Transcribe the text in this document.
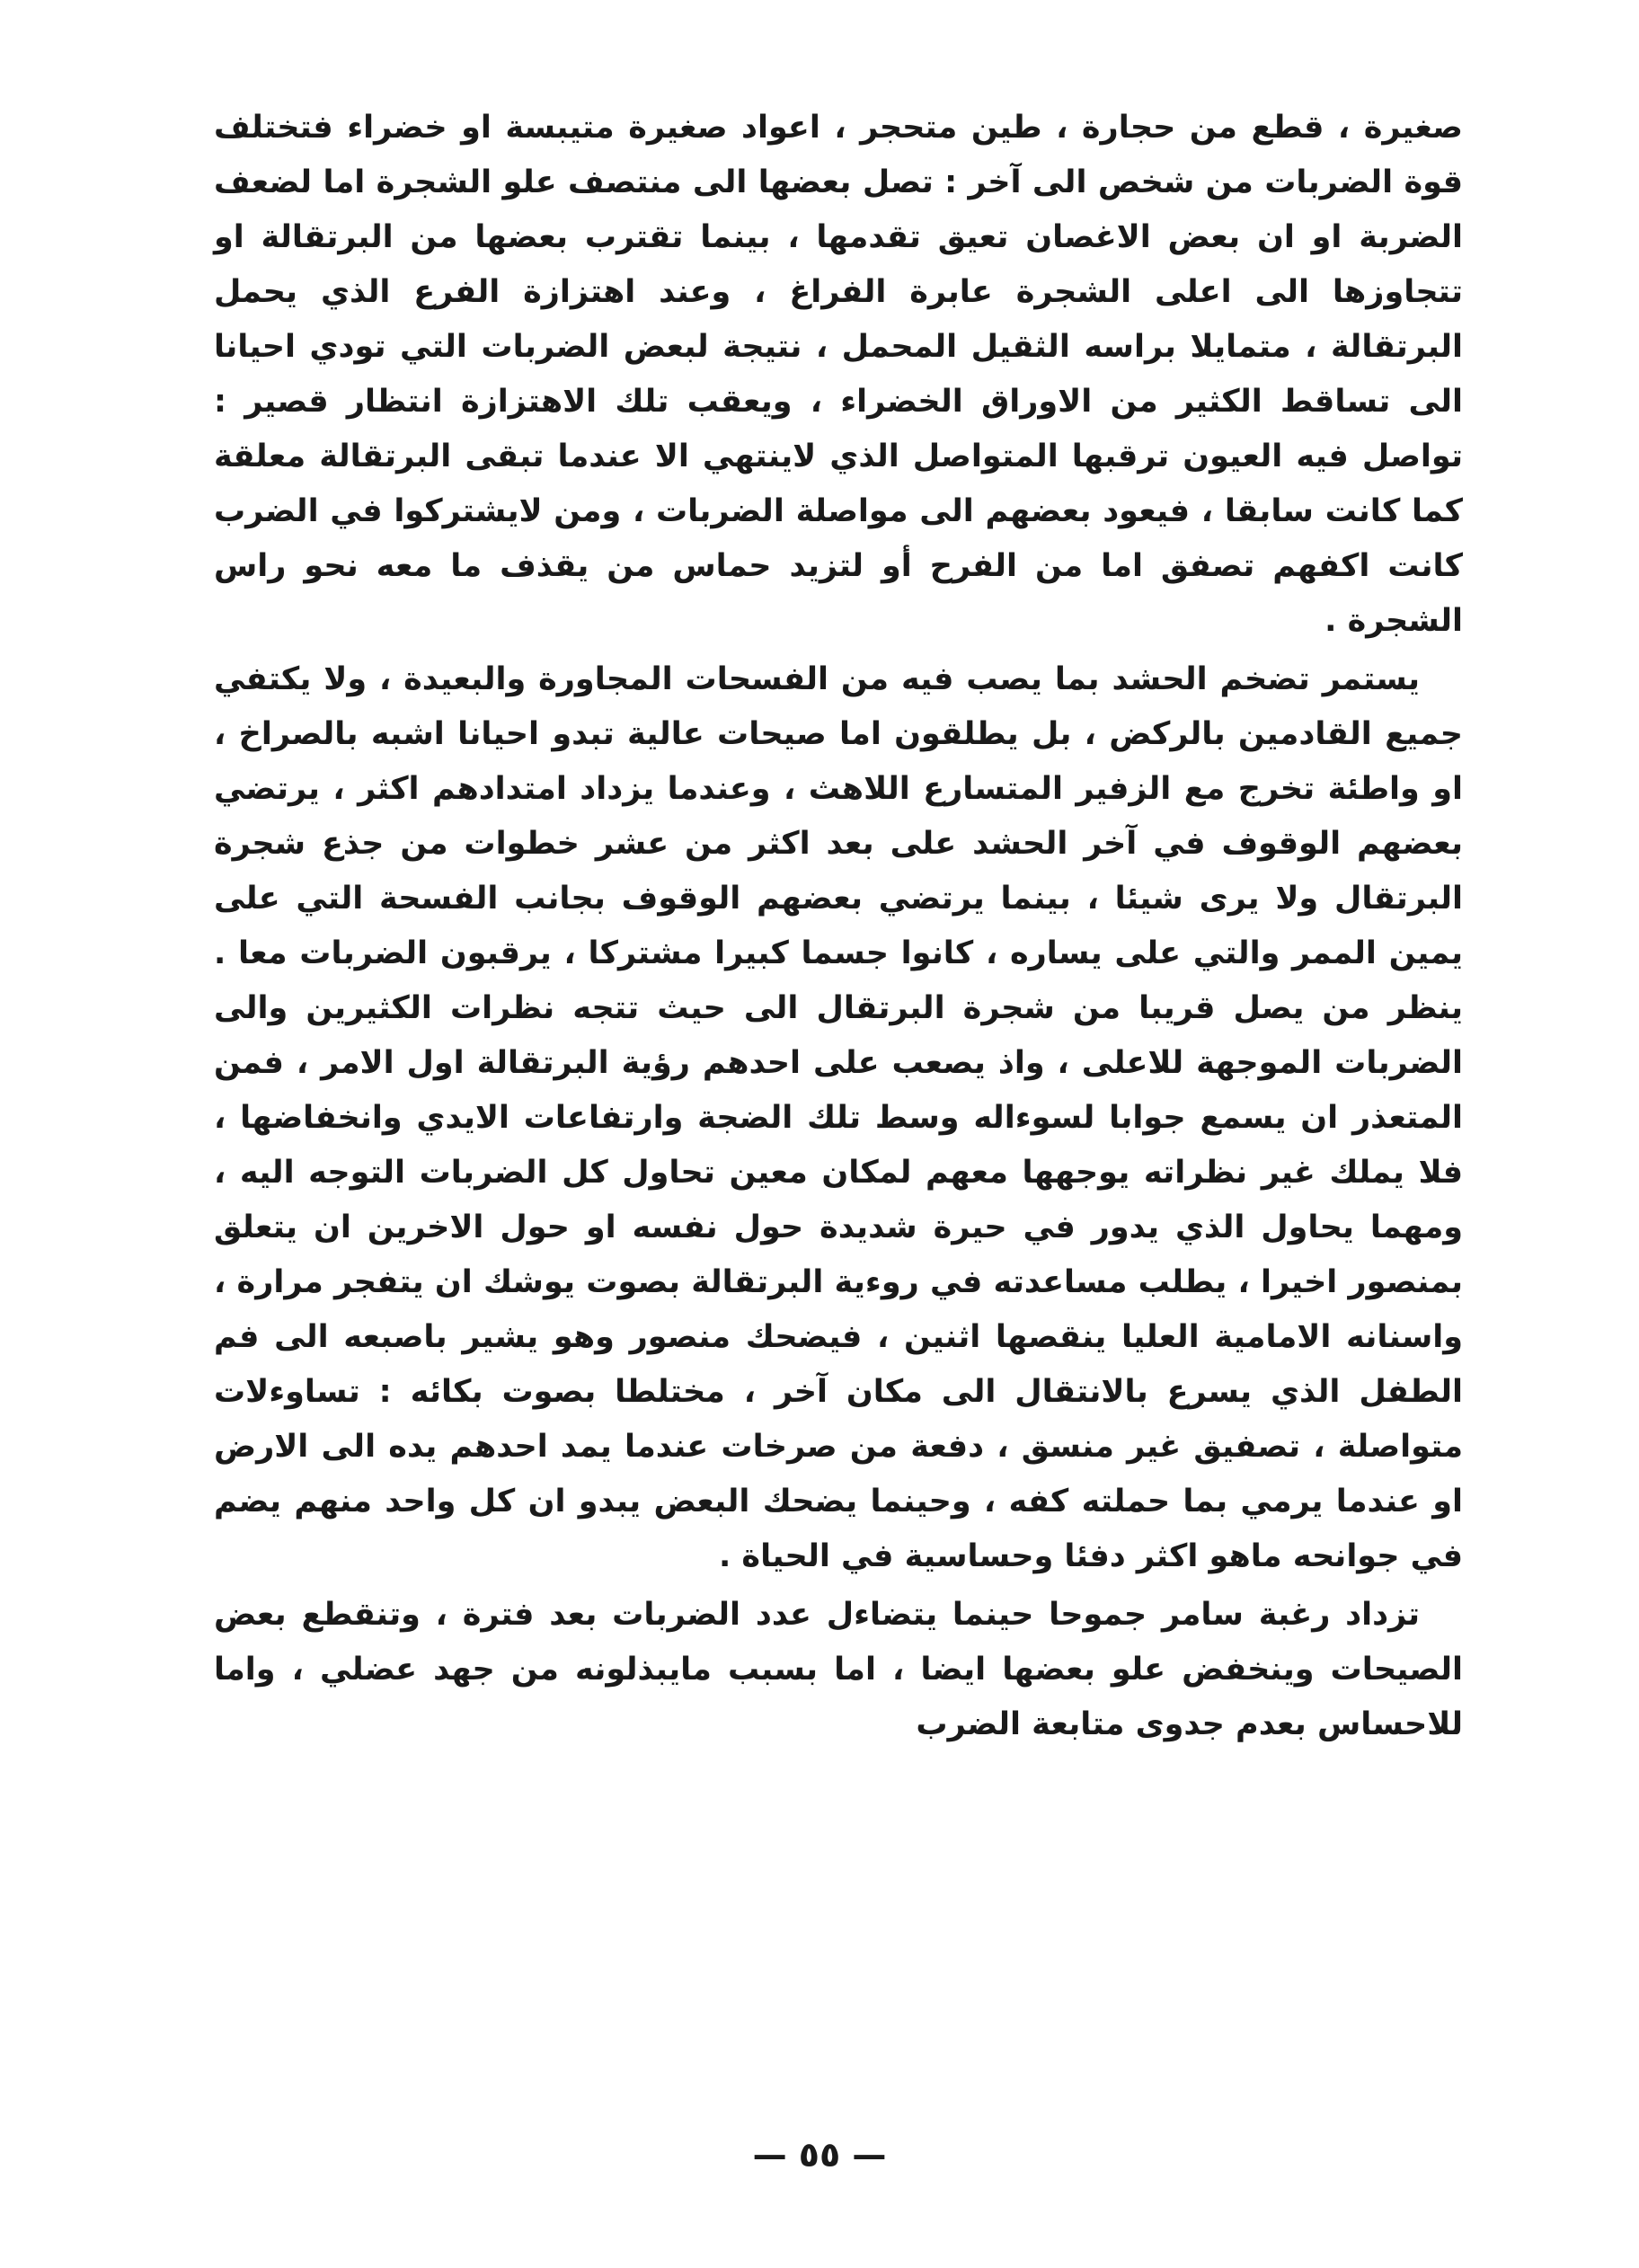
صغيرة ، قطع من حجارة ، طين متحجر ، اعواد صغيرة متيبسة او خضراء فتختلف قوة الضربات من شخص الى آخر : تصل بعضها الى منتصف علو الشجرة اما لضعف الضربة او ان بعض الاغصان تعيق تقدمها ، بينما تقترب بعضها من البرتقالة او تتجاوزها الى اعلى الشجرة عابرة الفراغ ، وعند اهتزازة الفرع الذي يحمل البرتقالة ، متمايلا براسه الثقيل المحمل ، نتيجة لبعض الضربات التي تودي احيانا الى تساقط الكثير من الاوراق الخضراء ، ويعقب تلك الاهتزازة انتظار قصير : تواصل فيه العيون ترقبها المتواصل الذي لاينتهي الا عندما تبقى البرتقالة معلقة كما كانت سابقا ، فيعود بعضهم الى مواصلة الضربات ، ومن لايشتركوا في الضرب كانت اكفهم تصفق اما من الفرح أو لتزيد حماس من يقذف ما معه نحو راس الشجرة .

يستمر تضخم الحشد بما يصب فيه من الفسحات المجاورة والبعيدة ، ولا يكتفي جميع القادمين بالركض ، بل يطلقون اما صيحات عالية تبدو احيانا اشبه بالصراخ ، او واطئة تخرج مع الزفير المتسارع اللاهث ، وعندما يزداد امتدادهم اكثر ، يرتضي بعضهم الوقوف في آخر الحشد على بعد اكثر من عشر خطوات من جذع شجرة البرتقال ولا يرى شيئا ، بينما يرتضي بعضهم الوقوف بجانب الفسحة التي على يمين الممر والتي على يساره ، كانوا جسما كبيرا مشتركا ، يرقبون الضربات معا . ينظر من يصل قريبا من شجرة البرتقال الى حيث تتجه نظرات الكثيرين والى الضربات الموجهة للاعلى ، واذ يصعب على احدهم رؤية البرتقالة اول الامر ، فمن المتعذر ان يسمع جوابا لسوءاله وسط تلك الضجة وارتفاعات الايدي وانخفاضها ، فلا يملك غير نظراته يوجهها معهم لمكان معين تحاول كل الضربات التوجه اليه ، ومهما يحاول الذي يدور في حيرة شديدة حول نفسه او حول الاخرين ان يتعلق بمنصور اخيرا ، يطلب مساعدته في روءية البرتقالة بصوت يوشك ان يتفجر مرارة ، واسنانه الامامية العليا ينقصها اثنين ، فيضحك منصور وهو يشير باصبعه الى فم الطفل الذي يسرع بالانتقال الى مكان آخر ، مختلطا بصوت بكائه : تساوءلات متواصلة ، تصفيق غير منسق ، دفعة من صرخات عندما يمد احدهم يده الى الارض او عندما يرمي بما حملته كفه ، وحينما يضحك البعض يبدو ان كل واحد منهم يضم في جوانحه ماهو اكثر دفئا وحساسية في الحياة .

تزداد رغبة سامر جموحا حينما يتضاءل عدد الضربات بعد فترة ، وتنقطع بعض الصيحات وينخفض علو بعضها ايضا ، اما بسبب مايبذلونه من جهد عضلي ، واما للاحساس بعدم جدوى متابعة الضرب

— ٥٥ —
